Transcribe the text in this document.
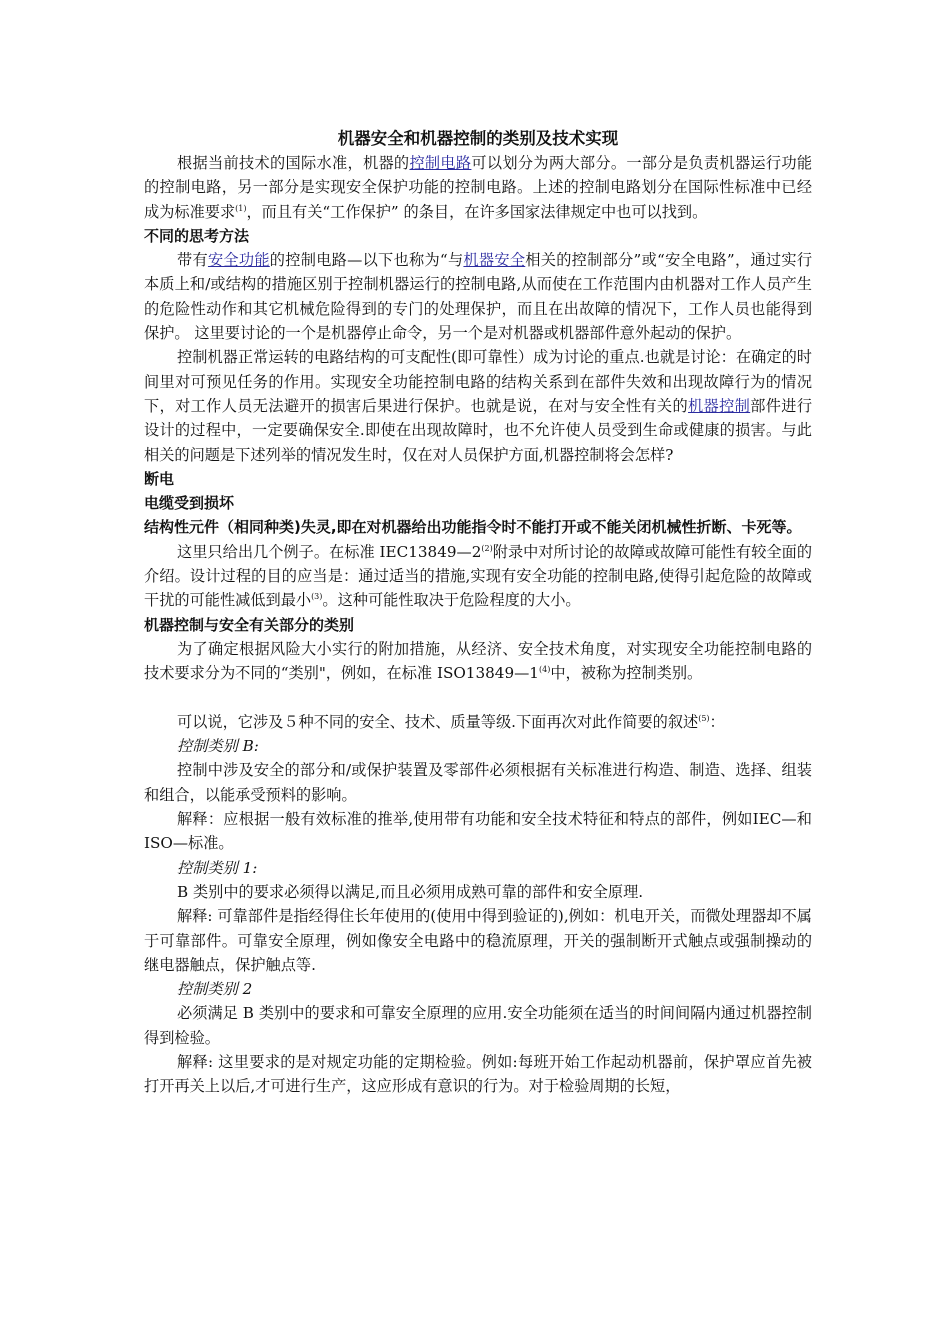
机器安全和机器控制的类别及技术实现

根据当前技术的国际水准，机器的控制电路可以划分为两大部分。一部分是负责机器运行功能的控制电路，另一部分是实现安全保护功能的控制电路。上述的控制电路划分在国际性标准中已经成为标准要求$^{(1)}$，而且有关“工作保护” 的条目，在许多国家法律规定中也可以找到。

不同的思考方法

带有安全功能的控制电路—以下也称为“与机器安全相关的控制部分”或“安全电路”，通过实行本质上和/或结构的措施区别于控制机器运行的控制电路,从而使在工作范围内由机器对工作人员产生的危险性动作和其它机械危险得到的专门的处理保护，而且在出故障的情况下，工作人员也能得到保护。 这里要讨论的一个是机器停止命令，另一个是对机器或机器部件意外起动的保护。

控制机器正常运转的电路结构的可支配性(即可靠性）成为讨论的重点.也就是讨论：在确定的时间里对可预见任务的作用。实现安全功能控制电路的结构关系到在部件失效和出现故障行为的情况下，对工作人员无法避开的损害后果进行保护。也就是说，在对与安全性有关的机器控制部件进行设计的过程中，一定要确保安全.即使在出现故障时，也不允许使人员受到生命或健康的损害。与此相关的问题是下述列举的情况发生时，仅在对人员保护方面,机器控制将会怎样?

断电
电缆受到损坏
结构性元件（相同种类)失灵,即在对机器给出功能指令时不能打开或不能关闭机械性折断、卡死等。

这里只给出几个例子。在标准 IEC13849—2$^{(2)}$附录中对所讨论的故障或故障可能性有较全面的介绍。设计过程的目的应当是：通过适当的措施,实现有安全功能的控制电路,使得引起危险的故障或干扰的可能性减低到最小$^{(3)}$。这种可能性取决于危险程度的大小。

机器控制与安全有关部分的类别

为了确定根据风险大小实行的附加措施，从经济、安全技术角度，对实现安全功能控制电路的技术要求分为不同的“类别"，例如，在标准 ISO13849—1$^{(4)}$中，被称为控制类别。

可以说，它涉及５种不同的安全、技术、质量等级.下面再次对此作简要的叙述$^{(5)}$：

控制类别 B:

控制中涉及安全的部分和/或保护装置及零部件必须根据有关标准进行构造、制造、选择、组装和组合，以能承受预料的影响。

解释：应根据一般有效标准的推举,使用带有功能和安全技术特征和特点的部件，例如IEC—和 ISO—标准。

控制类别 1:

B 类别中的要求必须得以满足,而且必须用成熟可靠的部件和安全原理.

解释: 可靠部件是指经得住长年使用的(使用中得到验证的),例如：机电开关，而微处理器却不属于可靠部件。可靠安全原理，例如像安全电路中的稳流原理，开关的强制断开式触点或强制操动的继电器触点，保护触点等.

控制类别 2

必须满足 B 类别中的要求和可靠安全原理的应用.安全功能须在适当的时间间隔内通过机器控制得到检验。

解释: 这里要求的是对规定功能的定期检验。例如:每班开始工作起动机器前，保护罩应首先被打开再关上以后,才可进行生产，这应形成有意识的行为。对于检验周期的长短，
